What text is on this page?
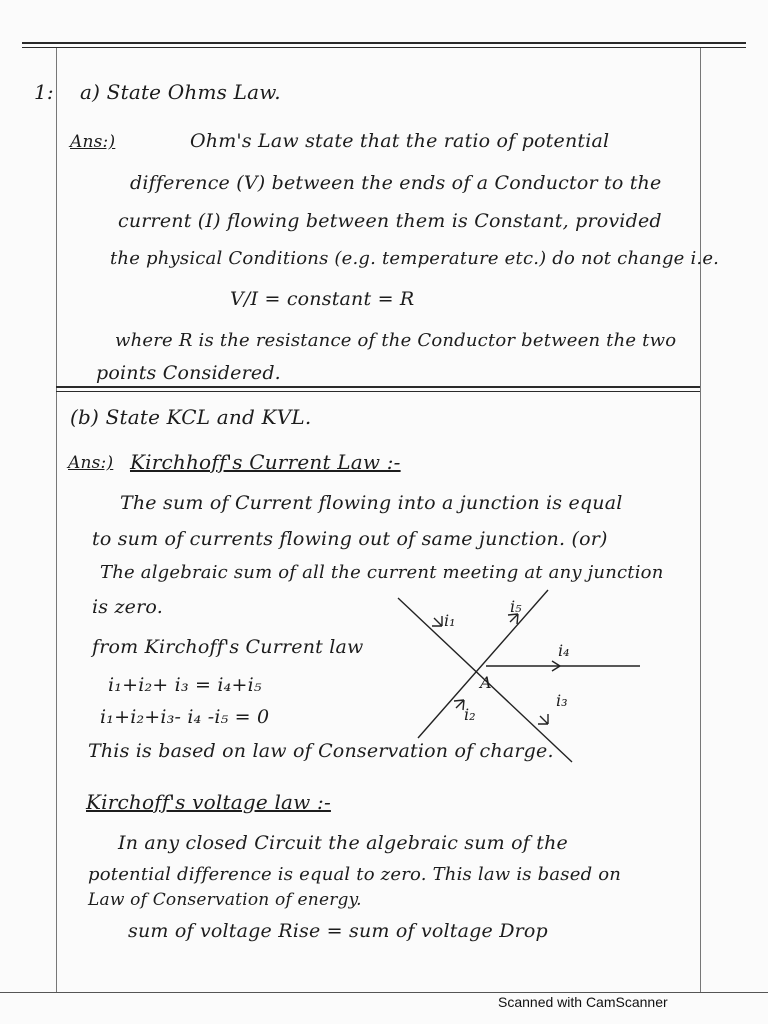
1: a) State Ohms Law.
Ans:)	Ohm's Law state that the ratio of potential
difference (V) between the ends of a Conductor to the
current (I) flowing between them is Constant, provided
the physical Conditions (e.g. temperature etc.) do not change i.e.
V/I = constant = R
where R is the resistance of the Conductor between the two
points Considered.
(b) State KCL and KVL.
Ans:) Kirchhoff's Current Law :-
The sum of Current flowing into a junction is equal
to sum of currents flowing out of same junction. (or)
The algebraic sum of all the current meeting at any junction
is zero.
from Kirchoff's Current law
i₁+i₂+ i₃ = i₄+i₅
i₁+i₂+i₃- i₄ -i₅ = 0
This is based on law of Conservation of charge.
Kirchoff's voltage law :-
In any closed Circuit the algebraic sum of the
potential difference is equal to zero. This law is based on
Law of Conservation of energy.
sum of voltage Rise = sum of voltage Drop
A
i₁
i₂
i₃
i₄
i₅
Scanned with CamScanner
